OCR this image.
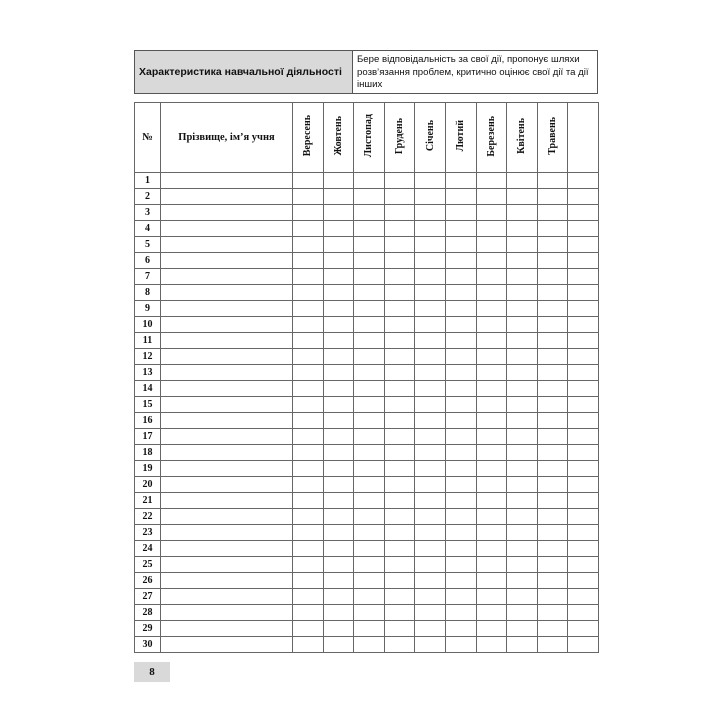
Характеристика навчальної діяльності
Бере відповідальність за свої дії, пропонує шляхи розв’язання проблем, критично оцінює свої дії та дії інших
№	Прізвище, ім’я учня	Вересень	Жовтень	Листопад	Грудень	Січень	Лютий	Березень	Квітень	Травень	
1											
2											
3											
4											
5											
6											
7											
8											
9											
10											
11											
12											
13											
14											
15											
16											
17											
18											
19											
20											
21											
22											
23											
24											
25											
26											
27											
28											
29											
30											
8
